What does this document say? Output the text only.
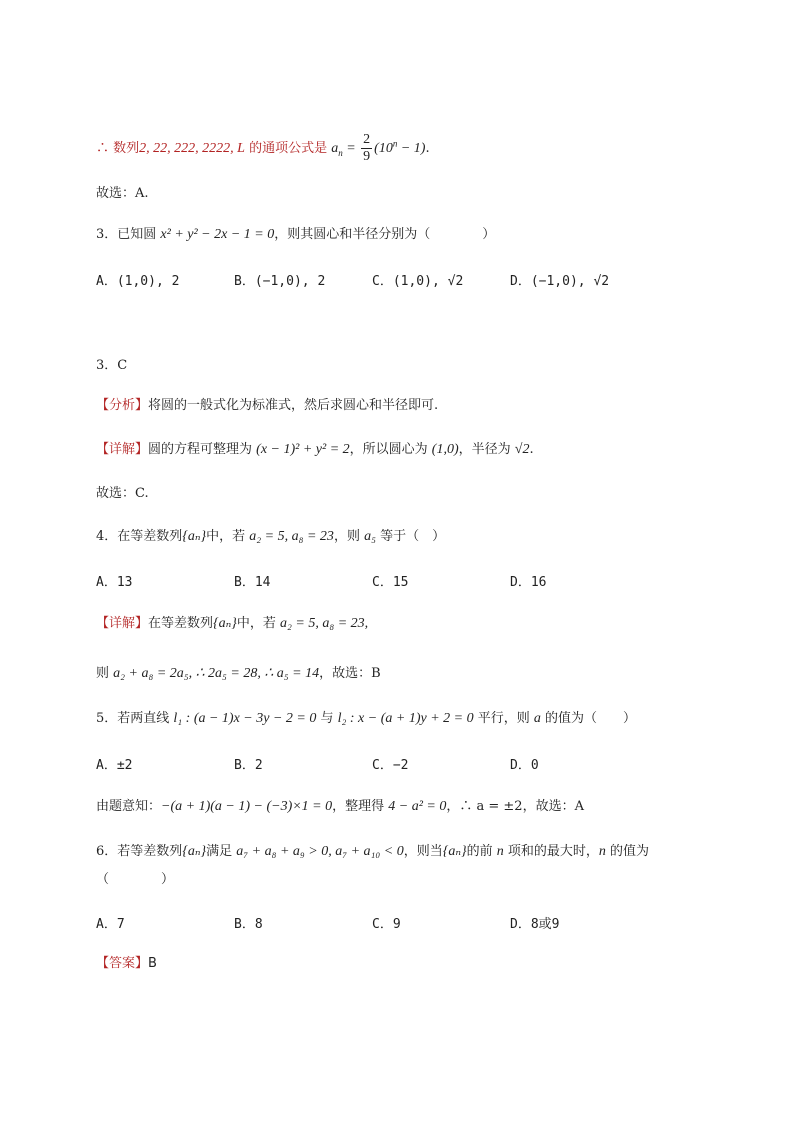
∴ 数列2, 22, 222, 2222, L 的通项公式是 $a_n = \frac{2}{9} (10^n - 1)$.
故选：A.
3．已知圆 x² + y² − 2x − 1 = 0，则其圆心和半径分别为（　　　　）
A．(1,0), 2	B．(−1,0), 2	C．(1,0), √2	D．(−1,0), √2
3．C
【分析】将圆的一般式化为标准式，然后求圆心和半径即可.
【详解】圆的方程可整理为 (x − 1)² + y² = 2，所以圆心为 (1,0)，半径为 √2.
故选：C.
4．在等差数列{aₙ}中，若 a₂ = 5, a₈ = 23，则 a₅ 等于（　）
A．13	B．14	C．15	D．16
【详解】在等差数列{aₙ}中，若 a₂ = 5, a₈ = 23,
则 a₂ + a₈ = 2a₅, ∴ 2a₅ = 28, ∴ a₅ = 14，故选：B
5．若两直线 l₁ : (a − 1)x − 3y − 2 = 0 与 l₂ : x − (a + 1)y + 2 = 0 平行，则 a 的值为（　　）
A．±2	B．2	C．−2	D．0
由题意知：−(a + 1)(a − 1) − (−3)×1 = 0，整理得 4 − a² = 0，∴ a = ±2，故选：A
6．若等差数列{aₙ}满足 a₇ + a₈ + a₉ > 0, a₇ + a₁₀ < 0，则当{aₙ}的前 n 项和的最大时，n 的值为
（　　　　）
A．7	B．8	C．9	D．8或9
【答案】B
